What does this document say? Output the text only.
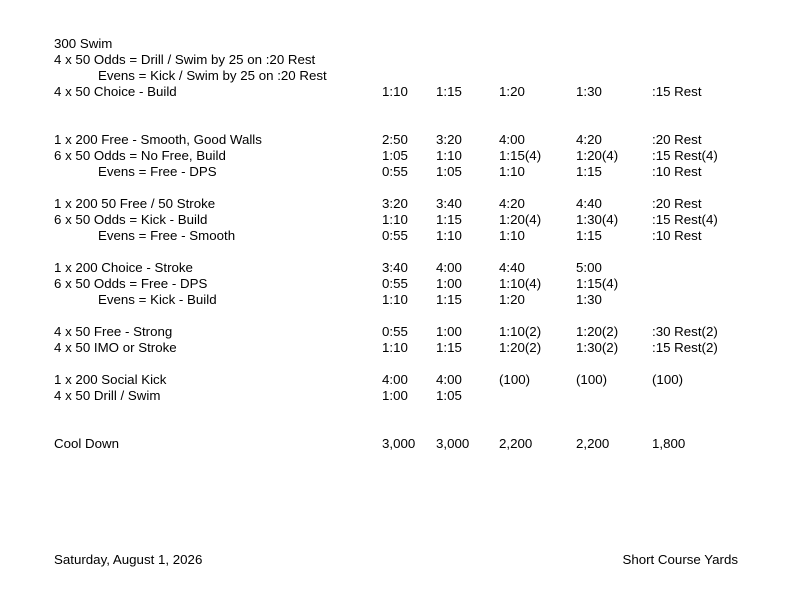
300 Swim
4 x 50 Odds = Drill / Swim by 25 on :20 Rest
Evens = Kick / Swim by 25 on :20 Rest
4 x 50 Choice - Build	1:10 1:15	1:20	1:30	:15 Rest
1 x 200 Free - Smooth, Good Walls	2:50 3:20	4:00	4:20	:20 Rest
6 x 50 Odds = No Free, Build	1:05 1:10	1:15(4)	1:20(4)	:15 Rest(4)
Evens = Free - DPS	0:55 1:05	1:10	1:15	:10 Rest
1 x 200 50 Free / 50 Stroke	3:20 3:40	4:20	4:40	:20 Rest
6 x 50 Odds = Kick - Build	1:10 1:15	1:20(4)	1:30(4)	:15 Rest(4)
Evens = Free - Smooth	0:55 1:10	1:10	1:15	:10 Rest
1 x 200 Choice - Stroke	3:40 4:00	4:40	5:00
6 x 50 Odds = Free - DPS	0:55 1:00	1:10(4)	1:15(4)
Evens = Kick - Build	1:10 1:15	1:20	1:30
4 x 50 Free - Strong	0:55 1:00	1:10(2)	1:20(2)	:30 Rest(2)
4 x 50 IMO or Stroke	1:10 1:15	1:20(2)	1:30(2)	:15 Rest(2)
1 x 200 Social Kick	4:00 4:00	(100)	(100)	(100)
4 x 50 Drill / Swim	1:00 1:05
Cool Down	3,000 3,000 2,200	2,200	1,800
Saturday, August 1, 2026	Short Course Yards
